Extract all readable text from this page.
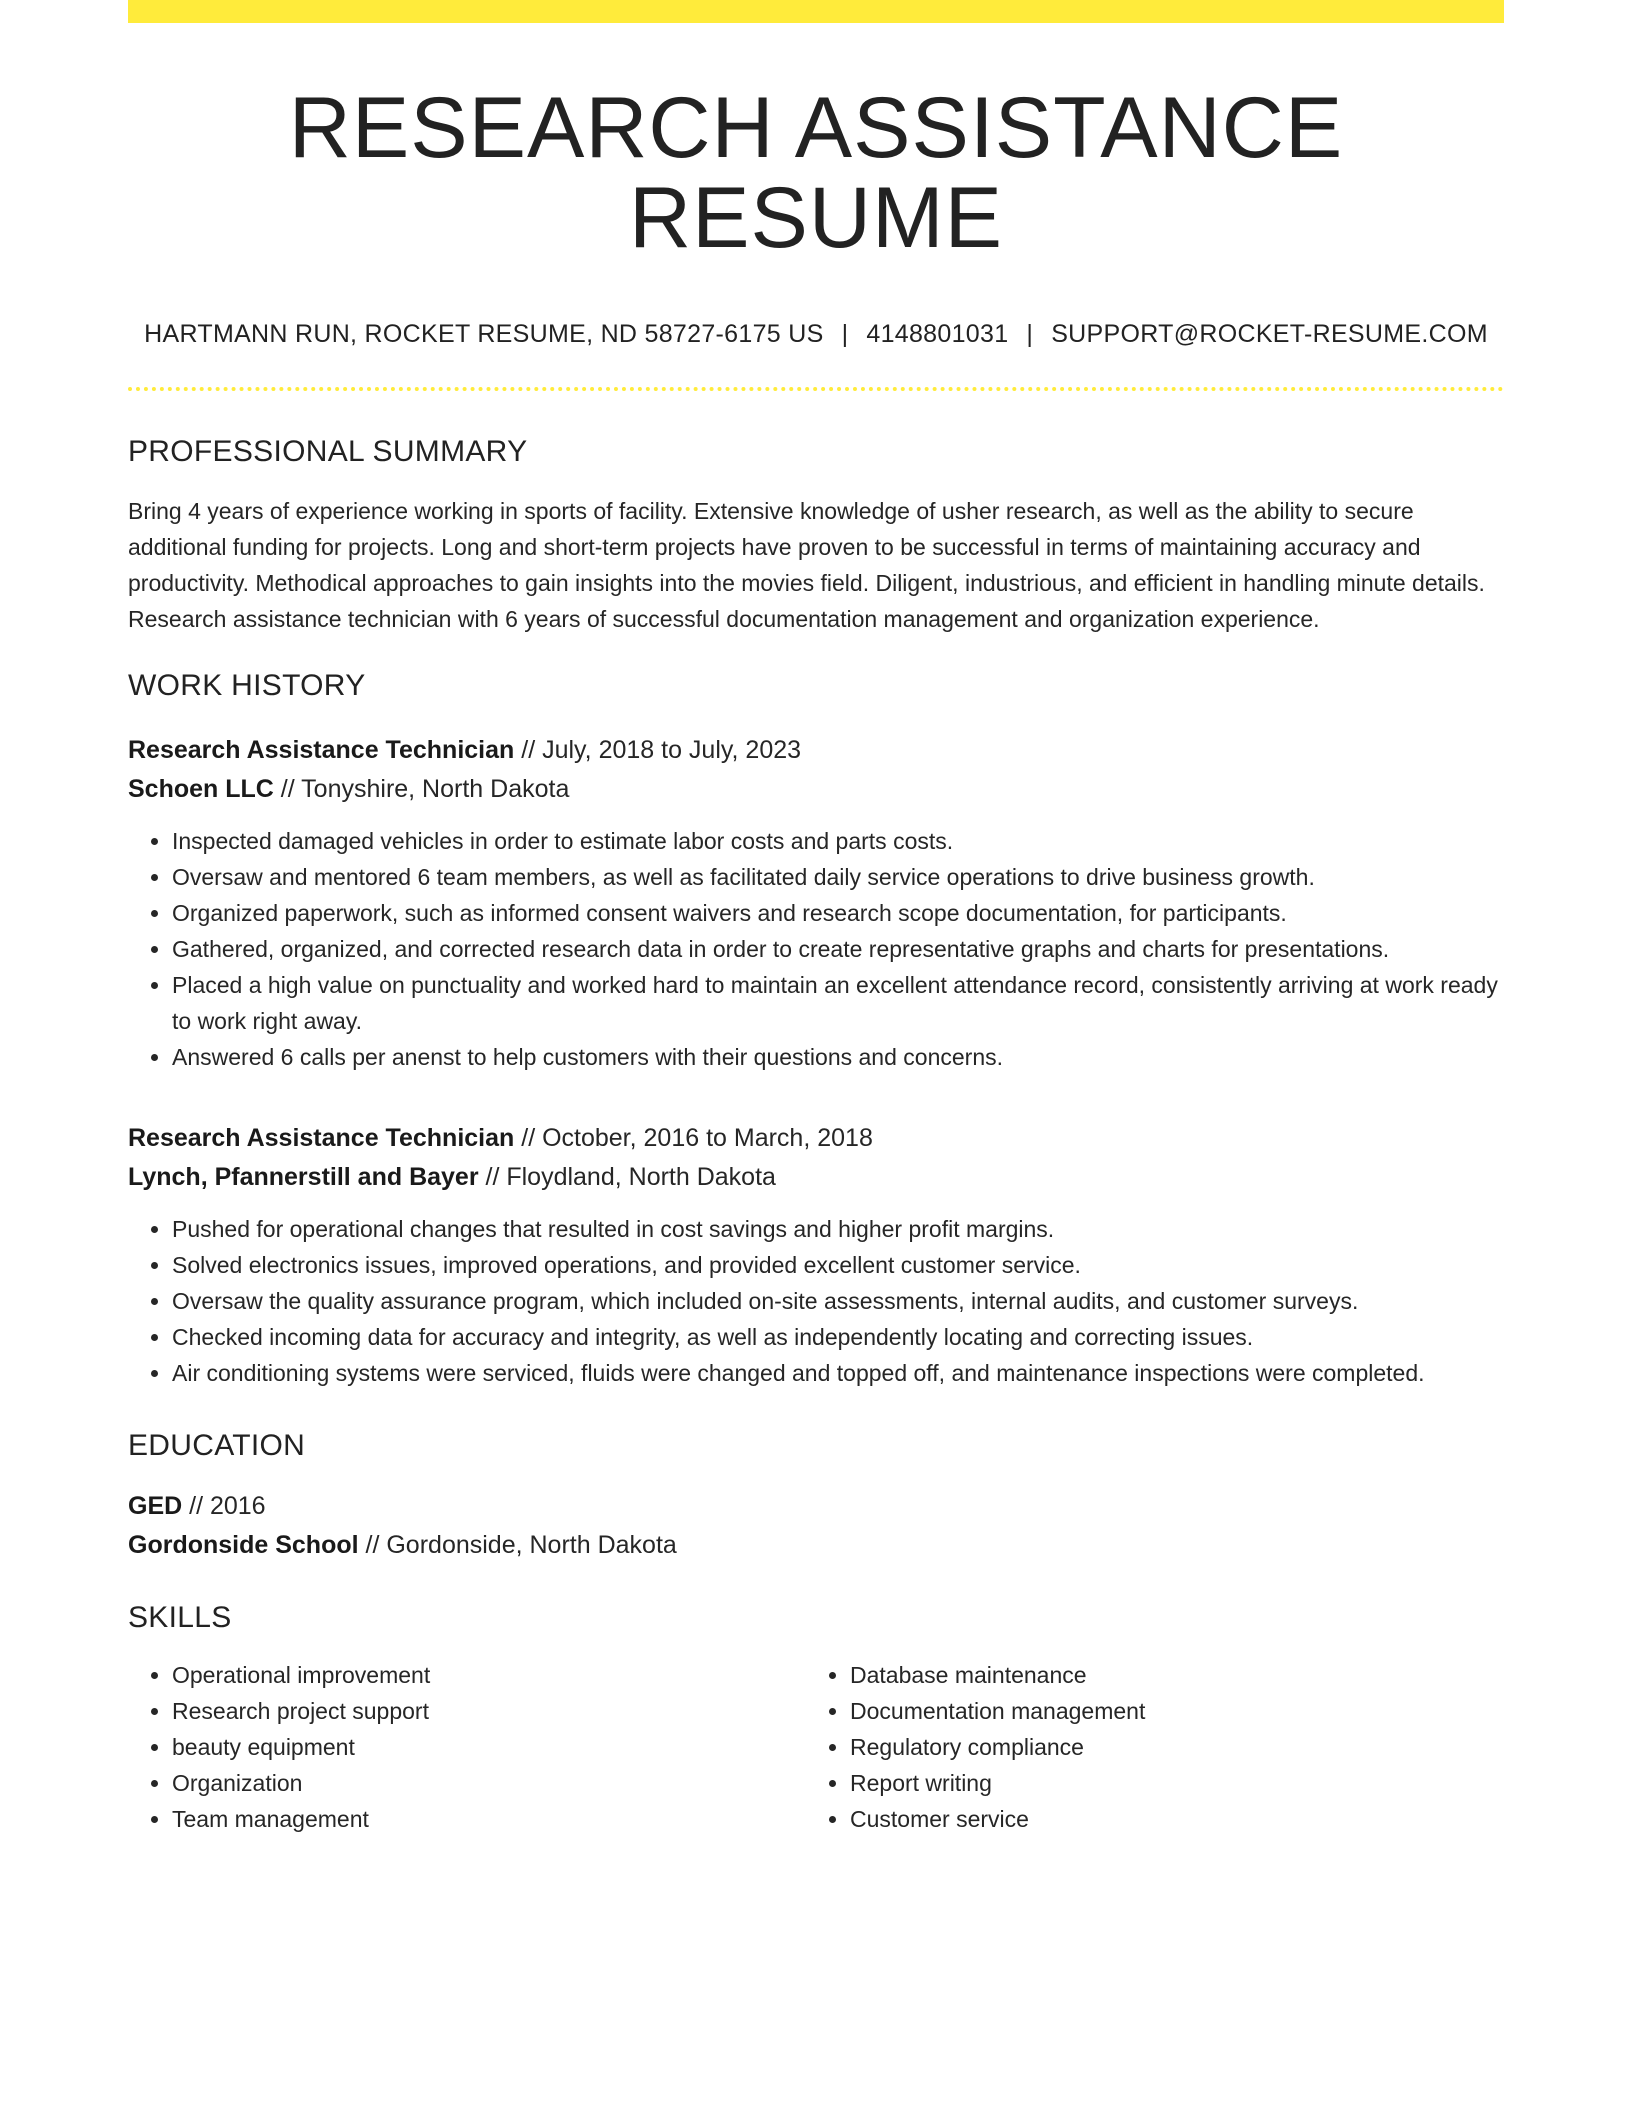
RESEARCH ASSISTANCE RESUME
HARTMANN RUN, ROCKET RESUME, ND 58727-6175 US | 4148801031 | SUPPORT@ROCKET-RESUME.COM
PROFESSIONAL SUMMARY

Bring 4 years of experience working in sports of facility. Extensive knowledge of usher research, as well as the ability to secure additional funding for projects. Long and short-term projects have proven to be successful in terms of maintaining accuracy and productivity. Methodical approaches to gain insights into the movies field. Diligent, industrious, and efficient in handling minute details. Research assistance technician with 6 years of successful documentation management and organization experience.

WORK HISTORY
Research Assistance Technician // July, 2018 to July, 2023
Schoen LLC // Tonyshire, North Dakota
• Inspected damaged vehicles in order to estimate labor costs and parts costs.
• Oversaw and mentored 6 team members, as well as facilitated daily service operations to drive business growth.
• Organized paperwork, such as informed consent waivers and research scope documentation, for participants.
• Gathered, organized, and corrected research data in order to create representative graphs and charts for presentations.
• Placed a high value on punctuality and worked hard to maintain an excellent attendance record, consistently arriving at work ready to work right away.
• Answered 6 calls per anenst to help customers with their questions and concerns.
Research Assistance Technician // October, 2016 to March, 2018
Lynch, Pfannerstill and Bayer // Floydland, North Dakota
• Pushed for operational changes that resulted in cost savings and higher profit margins.
• Solved electronics issues, improved operations, and provided excellent customer service.
• Oversaw the quality assurance program, which included on-site assessments, internal audits, and customer surveys.
• Checked incoming data for accuracy and integrity, as well as independently locating and correcting issues.
• Air conditioning systems were serviced, fluids were changed and topped off, and maintenance inspections were completed.
EDUCATION
GED // 2016
Gordonside School // Gordonside, North Dakota
SKILLS
• Operational improvement
• Research project support
• beauty equipment
• Organization
• Team management
• Database maintenance
• Documentation management
• Regulatory compliance
• Report writing
• Customer service
